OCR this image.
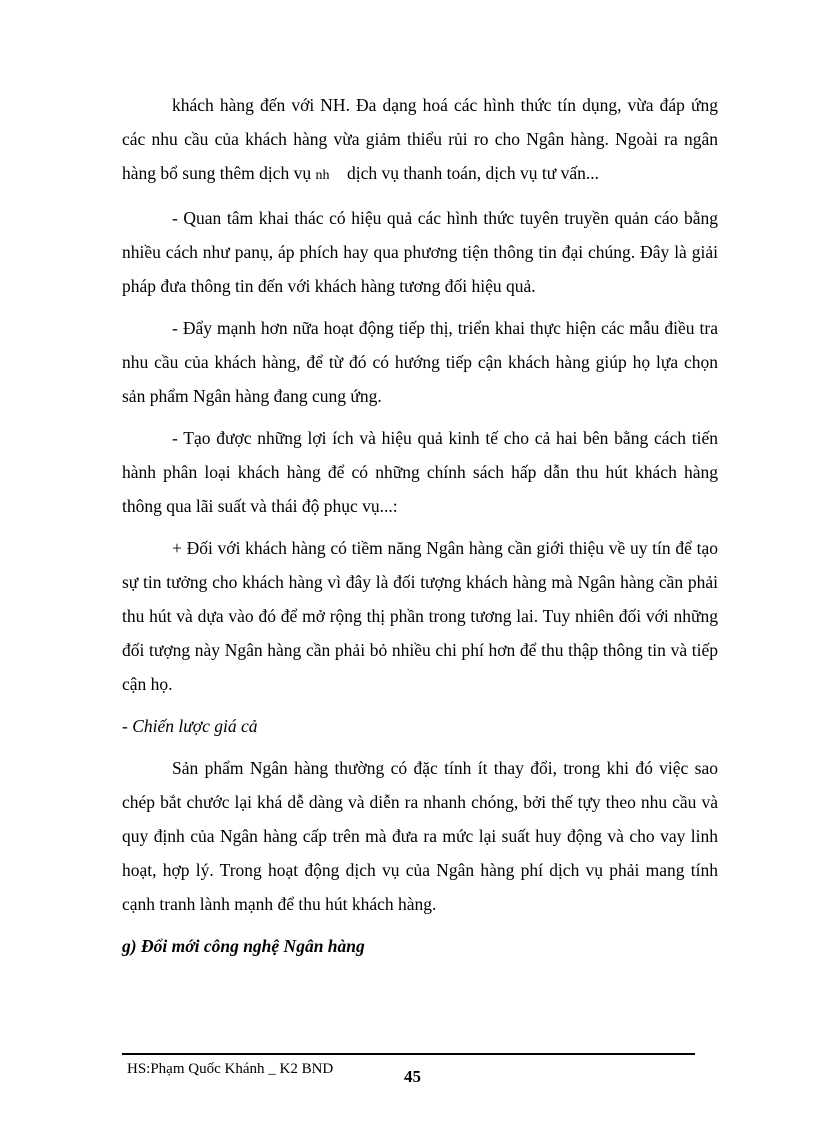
khách hàng đến với NH. Đa dạng hoá các hình thức tín dụng, vừa đáp ứng các nhu cầu của khách hàng vừa giảm thiểu rủi ro cho Ngân hàng. Ngoài ra ngân hàng bổ sung thêm dịch vụ nh dịch vụ thanh toán, dịch vụ tư vấn...

- Quan tâm khai thác có hiệu quả các hình thức tuyên truyền quản cáo bằng nhiều cách như panụ, áp phích hay qua phương tiện thông tin đại chúng. Đây là giải pháp đưa thông tin đến với khách hàng tương đối hiệu quả.

- Đẩy mạnh hơn nữa hoạt động tiếp thị, triển khai thực hiện các mẫu điều tra nhu cầu của khách hàng, để từ đó có hướng tiếp cận khách hàng giúp họ lựa chọn sản phẩm Ngân hàng đang cung ứng.

- Tạo được những lợi ích và hiệu quả kinh tế cho cả hai bên bằng cách tiến hành phân loại khách hàng để có những chính sách hấp dẫn thu hút khách hàng thông qua lãi suất và thái độ phục vụ...:

+ Đối với khách hàng có tiềm năng Ngân hàng cần giới thiệu về uy tín để tạo sự tin tưởng cho khách hàng vì đây là đối tượng khách hàng mà Ngân hàng cần phải thu hút và dựa vào đó để mở rộng thị phần trong tương lai. Tuy nhiên đối với những đối tượng này Ngân hàng cần phải bỏ nhiều chi phí hơn để thu thập thông tin và tiếp cận họ.

- Chiến lược giá cả

Sản phẩm Ngân hàng thường có đặc tính ít thay đổi, trong khi đó việc sao chép bắt chước lại khá dễ dàng và diễn ra nhanh chóng, bởi thế tựy theo nhu cầu và quy định của Ngân hàng cấp trên mà đưa ra mức lại suất huy động và cho vay linh hoạt, hợp lý. Trong hoạt động dịch vụ của Ngân hàng phí dịch vụ phải mang tính cạnh tranh lành mạnh để thu hút khách hàng.

g) Đổi mới công nghệ Ngân hàng

HS:Phạm Quốc Khánh _ K2 BND	45
